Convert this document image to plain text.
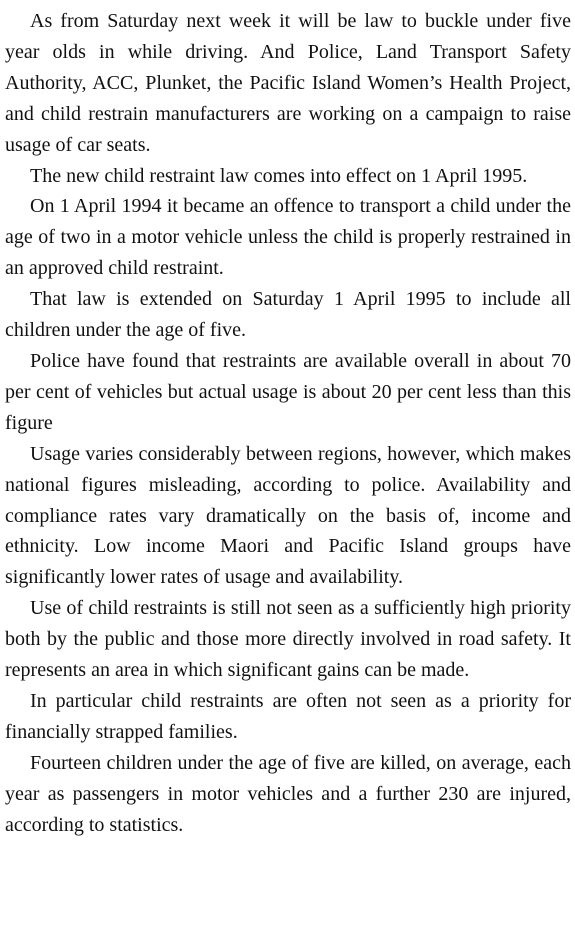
As from Saturday next week it will be law to buckle under five year olds in while driving. And Police, Land Transport Safety Authority, ACC, Plunket, the Pacific Island Women’s Health Project, and child restrain manufacturers are working on a campaign to raise usage of car seats.

The new child restraint law comes into effect on 1 April 1995.

On 1 April 1994 it became an offence to transport a child under the age of two in a motor vehicle unless the child is properly restrained in an approved child restraint.

That law is extended on Saturday 1 April 1995 to include all children under the age of five.

Police have found that restraints are available overall in about 70 per cent of vehicles but actual usage is about 20 per cent less than this figure

Usage varies considerably between regions, however, which makes national figures misleading, according to police. Availability and compliance rates vary dramatically on the basis of, income and ethnicity. Low income Maori and Pacific Island groups have significantly lower rates of usage and availability.

Use of child restraints is still not seen as a sufficiently high priority both by the public and those more directly involved in road safety. It represents an area in which significant gains can be made.

In particular child restraints are often not seen as a priority for financially strapped families.

Fourteen children under the age of five are killed, on average, each year as passengers in motor vehicles and a further 230 are injured, according to statistics.
